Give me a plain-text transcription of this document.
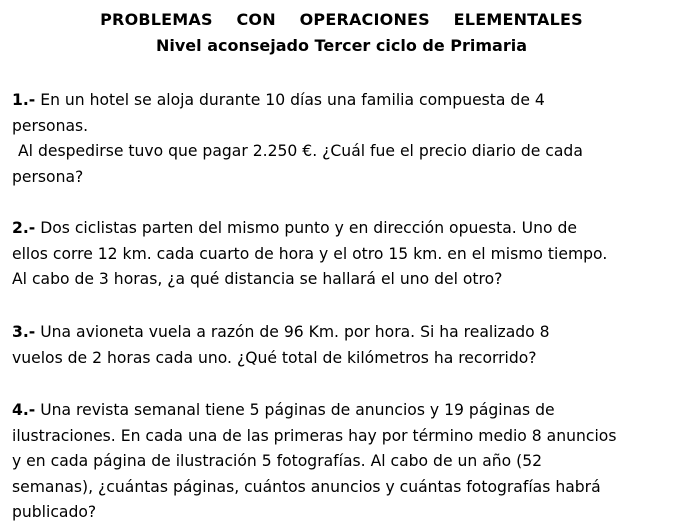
PROBLEMAS CON OPERACIONES ELEMENTALES
Nivel aconsejado Tercer ciclo de Primaria
1.- En un hotel se aloja durante 10 días una familia compuesta de 4
personas.
Al despedirse tuvo que pagar 2.250 €. ¿Cuál fue el precio diario de cada
persona?
2.- Dos ciclistas parten del mismo punto y en dirección opuesta. Uno de
ellos corre 12 km. cada cuarto de hora y el otro 15 km. en el mismo tiempo.
Al cabo de 3 horas, ¿a qué distancia se hallará el uno del otro?
3.- Una avioneta vuela a razón de 96 Km. por hora. Si ha realizado 8
vuelos de 2 horas cada uno. ¿Qué total de kilómetros ha recorrido?
4.- Una revista semanal tiene 5 páginas de anuncios y 19 páginas de
ilustraciones. En cada una de las primeras hay por término medio 8 anuncios
y en cada página de ilustración 5 fotografías. Al cabo de un año (52
semanas), ¿cuántas páginas, cuántos anuncios y cuántas fotografías habrá
publicado?
